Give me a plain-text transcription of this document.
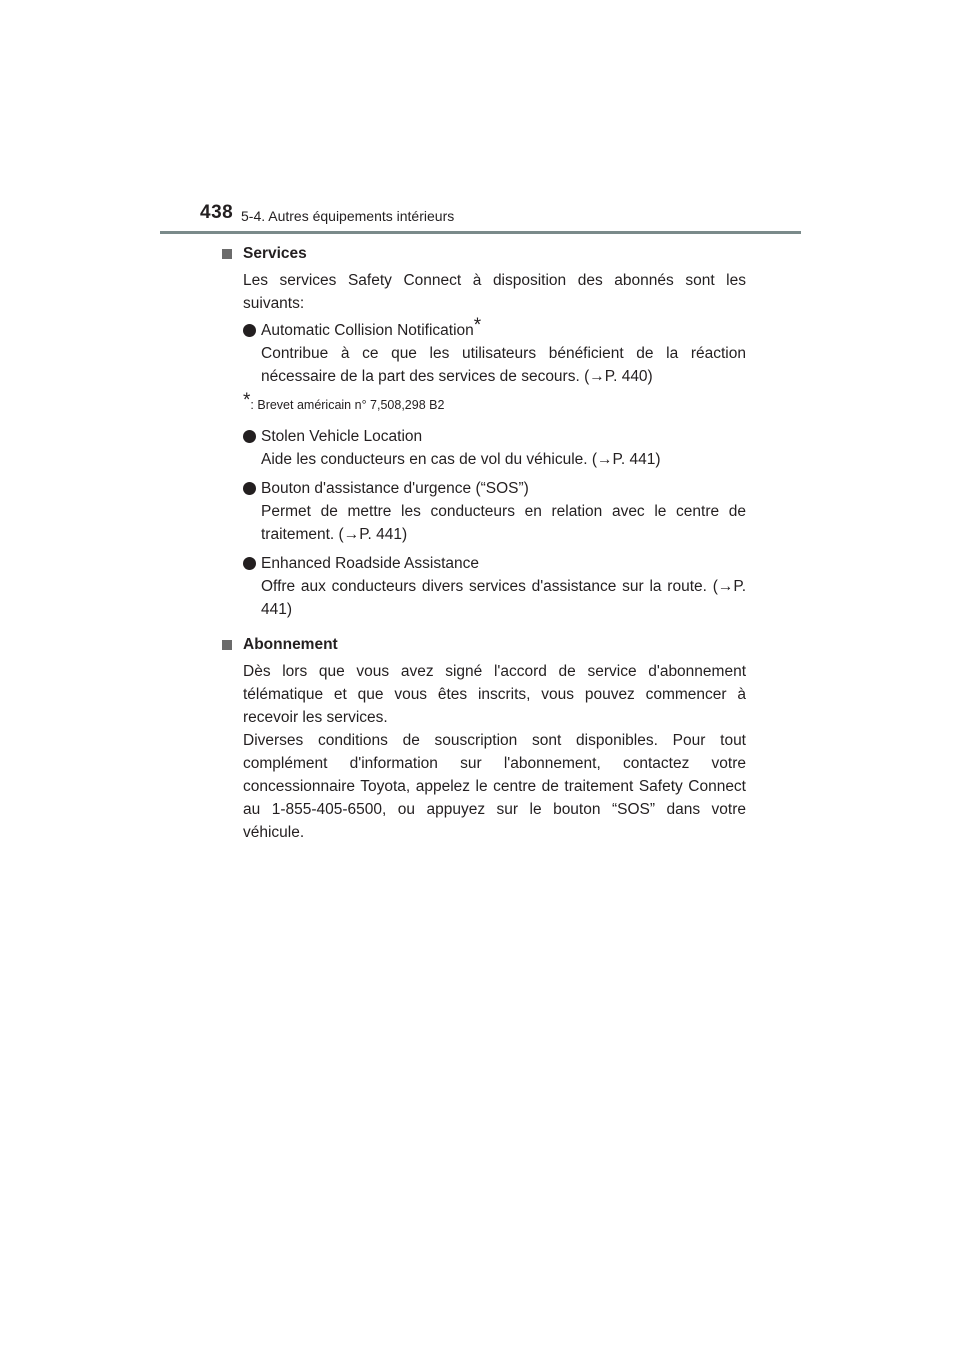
438 5-4. Autres équipements intérieurs
Services
Les services Safety Connect à disposition des abonnés sont les suivants:
Automatic Collision Notification*
Contribue à ce que les utilisateurs bénéficient de la réaction nécessaire de la part des services de secours. (→P. 440)
*: Brevet américain n° 7,508,298 B2
Stolen Vehicle Location
Aide les conducteurs en cas de vol du véhicule. (→P. 441)
Bouton d'assistance d'urgence (“SOS”)
Permet de mettre les conducteurs en relation avec le centre de traitement. (→P. 441)
Enhanced Roadside Assistance
Offre aux conducteurs divers services d'assistance sur la route. (→P. 441)
Abonnement
Dès lors que vous avez signé l'accord de service d'abonnement télématique et que vous êtes inscrits, vous pouvez commencer à recevoir les services.
Diverses conditions de souscription sont disponibles. Pour tout complément d'information sur l'abonnement, contactez votre concessionnaire Toyota, appelez le centre de traitement Safety Connect au 1-855-405-6500, ou appuyez sur le bouton “SOS” dans votre véhicule.
